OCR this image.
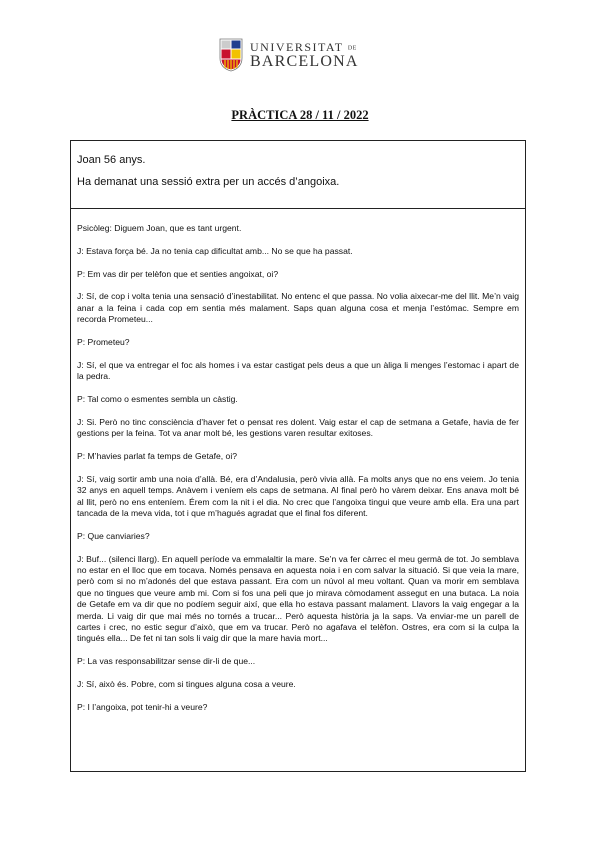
UNIVERSITAT DE
BARCELONA
PRÀCTICA 28 / 11 / 2022

Joan 56 anys.

Ha demanat una sessió extra per un accés d’angoixa.

Psicòleg: Diguem Joan, que es tant urgent.

J: Estava força bé. Ja no tenia cap dificultat amb... No se que ha passat.

P: Em vas dir per telèfon que et senties angoixat, oi?

J: Sí, de cop i volta tenia una sensació d’inestabilitat. No entenc el que passa. No volia aixecar-me del llit. Me’n vaig anar a la feina i cada cop em sentia més malament. Saps quan alguna cosa et menja l’estómac. Sempre em recorda Prometeu...

P: Prometeu?

J: Sí, el que va entregar el foc als homes i va estar castigat pels deus a que un àliga li menges l’estomac i apart de la pedra.

P: Tal como o esmentes sembla un càstig.

J: Si. Però no tinc consciència d’haver fet o pensat res dolent. Vaig estar el cap de setmana a Getafe, havia de fer gestions per la feina. Tot va anar molt bé, les gestions varen resultar exitoses.

P: M’havies parlat fa temps de Getafe, oi?

J: Sí, vaig sortir amb una noia d’allà. Bé, era d’Andalusia, però vivia allà. Fa molts anys que no ens veiem. Jo tenia 32 anys en aquell temps. Anàvem i veníem els caps de setmana. Al final però ho vàrem deixar. Ens anava molt bé al llit, però no ens enteníem. Érem com la nit i el dia. No crec que l’angoixa tingui que veure amb ella. Era una part tancada de la meva vida, tot i que m’hagués agradat que el final fos diferent.

P: Que canviaries?

J: Buf... (silenci llarg). En aquell període va emmalaltir la mare. Se’n va fer càrrec el meu germà de tot. Jo semblava no estar en el lloc que em tocava. Només pensava en aquesta noia i en com salvar la situació. Si que veia la mare, però com si no m’adonés del que estava passant. Era com un núvol al meu voltant. Quan va morir em semblava que no tingues que veure amb mi. Com si fos una peli que jo mirava còmodament assegut en una butaca. La noia de Getafe em va dir que no podíem seguir així, que ella ho estava passant malament. Llavors la vaig engegar a la merda. Li vaig dir que mai més no tornés a trucar... Però aquesta història ja la saps. Va enviar-me un parell de cartes i crec, no estic segur d’això, que em va trucar. Però no agafava el telèfon. Ostres, era com si la culpa la tingués ella... De fet ni tan sols li vaig dir que la mare havia mort...

P: La vas responsabilitzar sense dir-li de que...

J: Sí, això és. Pobre, com si tingues alguna cosa a veure.

P: I l’angoixa, pot tenir-hi a veure?
